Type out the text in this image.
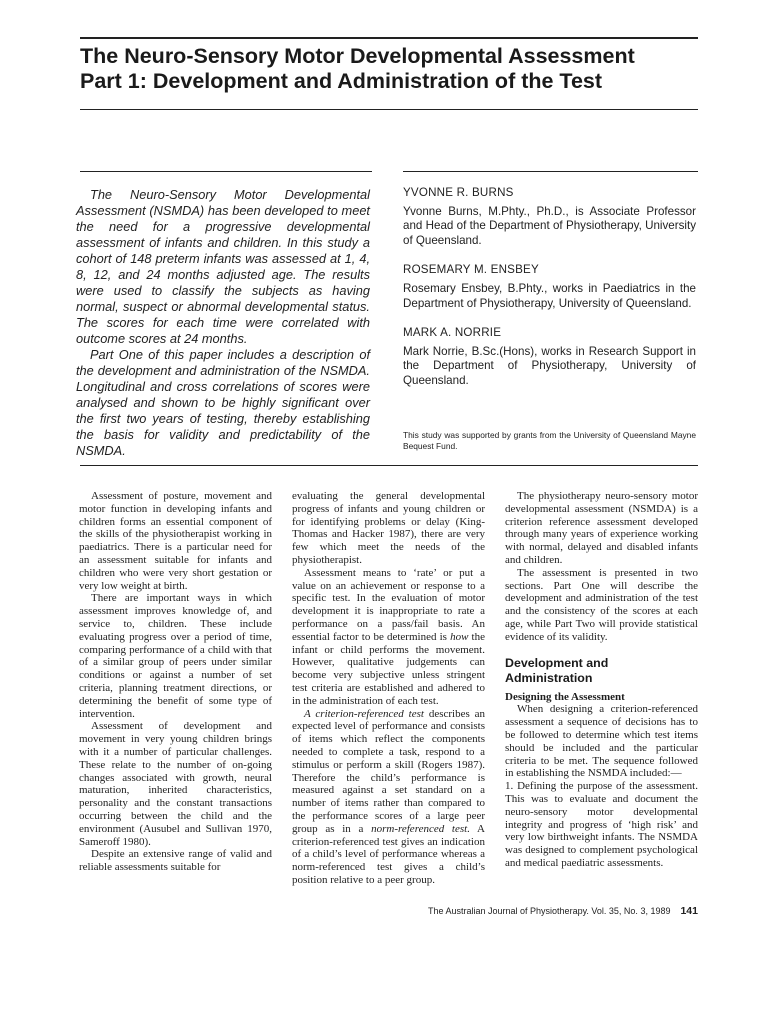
The Neuro-Sensory Motor Developmental Assessment
Part 1: Development and Administration of the Test

The Neuro-Sensory Motor Developmental Assessment (NSMDA) has been developed to meet the need for a progressive developmental assessment of infants and children. In this study a cohort of 148 preterm infants was assessed at 1, 4, 8, 12, and 24 months adjusted age. The results were used to classify the subjects as having normal, suspect or abnormal developmental status. The scores for each time were correlated with outcome scores at 24 months.

Part One of this paper includes a description of the development and administration of the NSMDA. Longitudinal and cross correlations of scores were analysed and shown to be highly significant over the first two years of testing, thereby establishing the basis for validity and predictability of the NSMDA.

YVONNE R. BURNS

Yvonne Burns, M.Phty., Ph.D., is Associate Professor and Head of the Department of Physiotherapy, University of Queensland.

ROSEMARY M. ENSBEY

Rosemary Ensbey, B.Phty., works in Paediatrics in the Department of Physiotherapy, University of Queensland.

MARK A. NORRIE

Mark Norrie, B.Sc.(Hons), works in Research Support in the Department of Physiotherapy, University of Queensland.

This study was supported by grants from the University of Queensland Mayne Bequest Fund.

Assessment of posture, movement and motor function in developing infants and children forms an essential component of the skills of the physiotherapist working in paediatrics. There is a particular need for an assessment suitable for infants and children who were very short gestation or very low weight at birth.

There are important ways in which assessment improves knowledge of, and service to, children. These include evaluating progress over a period of time, comparing performance of a child with that of a similar group of peers under similar conditions or against a number of set criteria, planning treatment directions, or determining the benefit of some type of intervention.

Assessment of development and movement in very young children brings with it a number of particular challenges. These relate to the number of on-going changes associated with growth, neural maturation, inherited characteristics, personality and the constant transactions occurring between the child and the environment (Ausubel and Sullivan 1970, Sameroff 1980).

Despite an extensive range of valid and reliable assessments suitable for

evaluating the general developmental progress of infants and young children or for identifying problems or delay (King-Thomas and Hacker 1987), there are very few which meet the needs of the physiotherapist.

Assessment means to ‘rate’ or put a value on an achievement or response to a specific test. In the evaluation of motor development it is inappropriate to rate a performance on a pass/fail basis. An essential factor to be determined is how the infant or child performs the movement. However, qualitative judgements can become very subjective unless stringent test criteria are established and adhered to in the administration of each test.

A criterion-referenced test describes an expected level of performance and consists of items which reflect the components needed to complete a task, respond to a stimulus or perform a skill (Rogers 1987). Therefore the child’s performance is measured against a set standard on a number of items rather than compared to the performance scores of a large peer group as in a norm-referenced test. A criterion-referenced test gives an indication of a child’s level of performance whereas a norm-referenced test gives a child’s position relative to a peer group.

The physiotherapy neuro-sensory motor developmental assessment (NSMDA) is a criterion reference assessment developed through many years of experience working with normal, delayed and disabled infants and children.

The assessment is presented in two sections. Part One will describe the development and administration of the test and the consistency of the scores at each age, while Part Two will provide statistical evidence of its validity.

Development and Administration
Designing the Assessment

When designing a criterion-referenced assessment a sequence of decisions has to be followed to determine which test items should be included and the particular criteria to be met. The sequence followed in establishing the NSMDA included:—

1. Defining the purpose of the assessment. This was to evaluate and document the neuro-sensory motor developmental integrity and progress of ‘high risk’ and very low birthweight infants. The NSMDA was designed to complement psychological and medical paediatric assessments.

The Australian Journal of Physiotherapy. Vol. 35, No. 3, 1989 141
